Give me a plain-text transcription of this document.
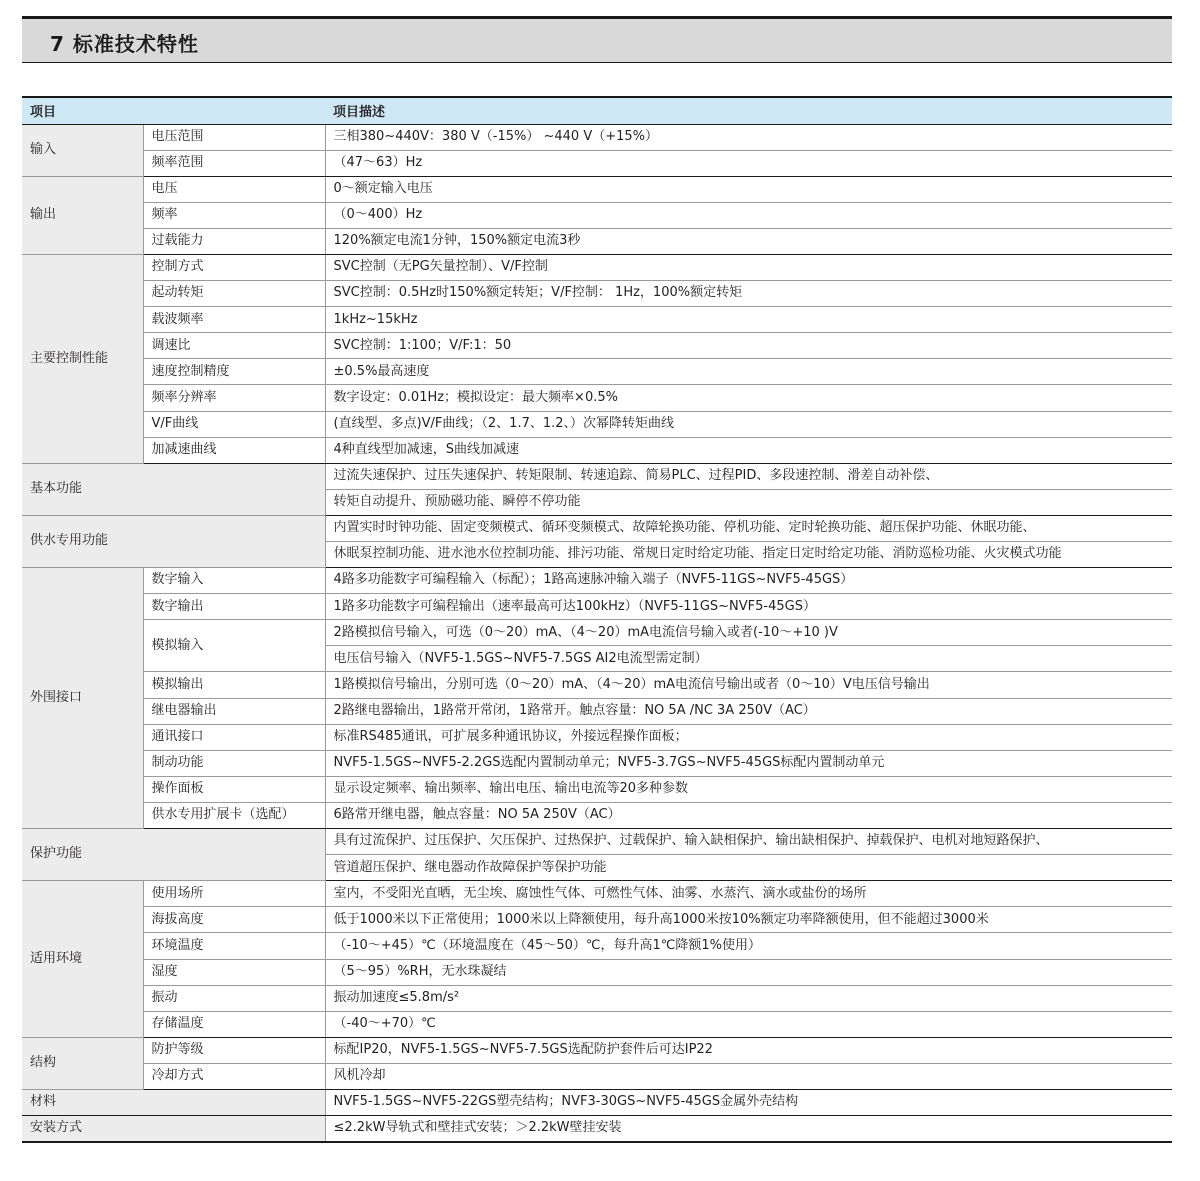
7 标准技术特性
项目		项目描述
输入	电压范围	三相380~440V：380 V（-15%） ~440 V（+15%）
	频率范围	（47～63）Hz
输出	电压	0～额定输入电压
	频率	（0～400）Hz
	过载能力	120%额定电流1分钟，150%额定电流3秒
主要控制性能	控制方式	SVC控制（无PG矢量控制）、V/F控制
	起动转矩	SVC控制：0.5Hz时150%额定转矩；V/F控制： 1Hz，100%额定转矩
	载波频率	1kHz~15kHz
	调速比	SVC控制：1:100；V/F:1：50
	速度控制精度	±0.5%最高速度
	频率分辨率	数字设定：0.01Hz；模拟设定：最大频率×0.5%
	V/F曲线	(直线型、多点)V/F曲线；（2、1.7、1.2、）次幂降转矩曲线
	加减速曲线	4种直线型加减速，S曲线加减速
基本功能		过流失速保护、过压失速保护、转矩限制、转速追踪、简易PLC、过程PID、多段速控制、滑差自动补偿、
		转矩自动提升、预励磁功能、瞬停不停功能
供水专用功能		内置实时时钟功能、固定变频模式、循环变频模式、故障轮换功能、停机功能、定时轮换功能、超压保护功能、休眠功能、
		休眠泵控制功能、进水池水位控制功能、排污功能、常规日定时给定功能、指定日定时给定功能、消防巡检功能、火灾模式功能
外围接口	数字输入	4路多功能数字可编程输入（标配）；1路高速脉冲输入端子（NVF5-11GS~NVF5-45GS）
	数字输出	1路多功能数字可编程输出（速率最高可达100kHz）（NVF5-11GS~NVF5-45GS）
	模拟输入	2路模拟信号输入，可选（0～20）mA、（4～20）mA电流信号输入或者(-10～+10 )V
		电压信号输入（NVF5-1.5GS~NVF5-7.5GS AI2电流型需定制）
	模拟输出	1路模拟信号输出，分别可选（0～20）mA、（4～20）mA电流信号输出或者（0～10）V电压信号输出
	继电器输出	2路继电器输出，1路常开常闭，1路常开。触点容量：NO 5A /NC 3A 250V（AC）
	通讯接口	标准RS485通讯，可扩展多种通讯协议，外接远程操作面板；
	制动功能	NVF5-1.5GS~NVF5-2.2GS选配内置制动单元；NVF5-3.7GS~NVF5-45GS标配内置制动单元
	操作面板	显示设定频率、输出频率、输出电压、输出电流等20多种参数
	供水专用扩展卡（选配）	6路常开继电器，触点容量：NO 5A 250V（AC）
保护功能		具有过流保护、过压保护、欠压保护、过热保护、过载保护、输入缺相保护、输出缺相保护、掉载保护、电机对地短路保护、
		管道超压保护、继电器动作故障保护等保护功能
适用环境	使用场所	室内，不受阳光直晒，无尘埃、腐蚀性气体、可燃性气体、油雾、水蒸汽、滴水或盐份的场所
	海拔高度	低于1000米以下正常使用；1000米以上降额使用，每升高1000米按10%额定功率降额使用，但不能超过3000米
	环境温度	（-10～+45）℃（环境温度在（45～50）℃，每升高1℃降额1%使用）
	湿度	（5～95）%RH，无水珠凝结
	振动	振动加速度≤5.8m/s²
	存储温度	（-40～+70）℃
结构	防护等级	标配IP20，NVF5-1.5GS~NVF5-7.5GS选配防护套件后可达IP22
	冷却方式	风机冷却
材料		NVF5-1.5GS~NVF5-22GS塑壳结构；NVF3-30GS~NVF5-45GS金属外壳结构
安装方式		≤2.2kW导轨式和壁挂式安装；＞2.2kW壁挂安装
